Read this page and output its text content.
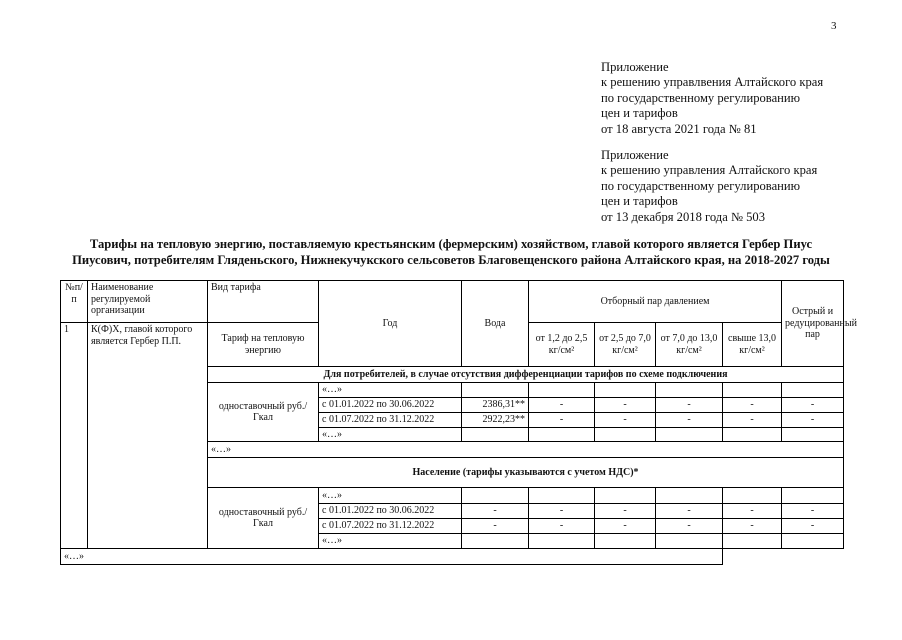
3
Приложение
к решению управлвения Алтайского края
по государственному регулированию
цен и тарифов
от 18 августа 2021 года № 81
Приложение
к решению управления Алтайского края
по государственному регулированию
цен и тарифов
от 13 декабря 2018 года № 503
Тарифы на тепловую энергию, поставляемую крестьянским (фермерским) хозяйством, главой которого является Гербер Пиус
Пиусович, потребителям Гляденьского, Нижнекучукского сельсоветов Благовещенского района Алтайского края, на 2018-2027 годы
№п/п	Наименование регулируемой организации	Вид тарифа	Год	Вода	Отборный пар давлением				Острый и редуцированный пар
1	К(Ф)Х, главой которого является Гербер П.П.	Тариф на тепловую энергию			от 1,2 до 2,5 кг/см²	от 2,5 до 7,0 кг/см²	от 7,0 до 13,0 кг/см²	свыше 13,0 кг/см²	
		Для потребителей, в случае отсутствия дифференциации тарифов по схеме подключения							
		одноставочный руб./Гкал	«…»						
			с 01.01.2022 по 30.06.2022	2386,31**	-	-	-	-	-
			с 01.07.2022 по 31.12.2022	2922,23**	-	-	-	-	-
			«…»						
		«…»							
		Население (тарифы указываются с учетом НДС)*							
		одноставочный руб./Гкал	«…»						
			с 01.01.2022 по 30.06.2022	-	-	-	-	-	-
			с 01.07.2022 по 31.12.2022	-	-	-	-	-	-
			«…»						
«…»									
